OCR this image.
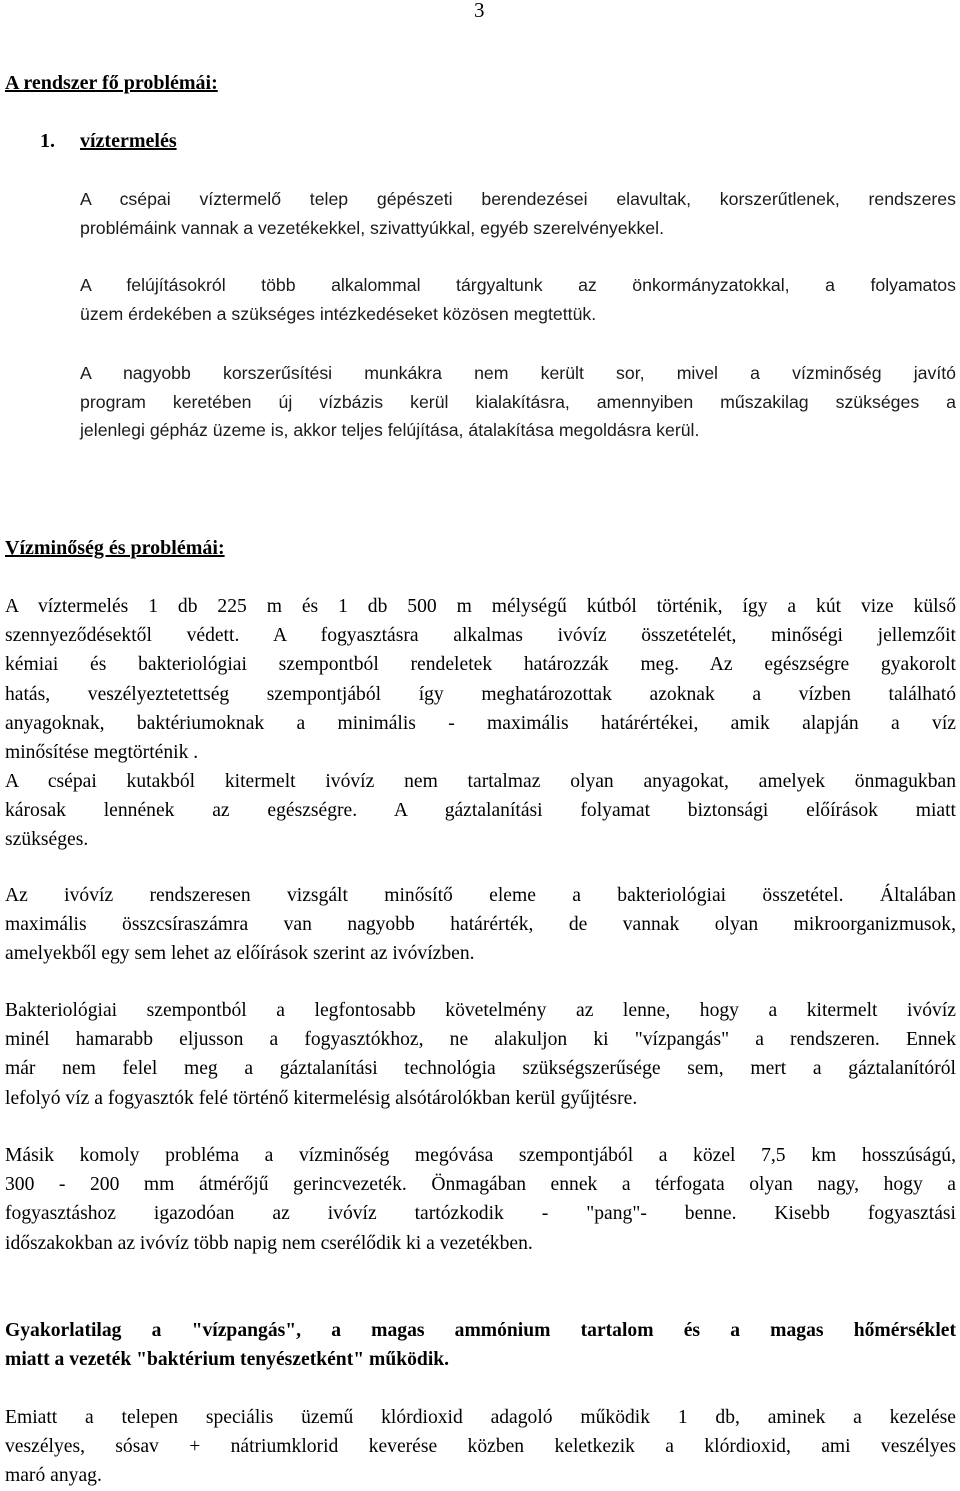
3
A rendszer fő problémái:
1. víztermelés
A csépai víztermelő telep gépészeti berendezései elavultak, korszerűtlenek, rendszeres
problémáink vannak a vezetékekkel, szivattyúkkal, egyéb szerelvényekkel.
A felújításokról több alkalommal tárgyaltunk az önkormányzatokkal, a folyamatos
üzem érdekében a szükséges intézkedéseket közösen megtettük.
A nagyobb korszerűsítési munkákra nem került sor, mivel a vízminőség javító
program keretében új vízbázis kerül kialakításra, amennyiben műszakilag szükséges a
jelenlegi gépház üzeme is, akkor teljes felújítása, átalakítása megoldásra kerül.
Vízminőség és problémái:
A víztermelés 1 db 225 m és 1 db 500 m mélységű kútból történik, így a kút vize külső
szennyeződésektől védett. A fogyasztásra alkalmas ivóvíz összetételét, minőségi jellemzőit
kémiai és bakteriológiai szempontból rendeletek határozzák meg. Az egészségre gyakorolt
hatás, veszélyeztetettség szempontjából így meghatározottak azoknak a vízben található
anyagoknak, baktériumoknak a minimális - maximális határértékei, amik alapján a víz
minősítése megtörténik .
A csépai kutakból kitermelt ivóvíz nem tartalmaz olyan anyagokat, amelyek önmagukban
károsak lennének az egészségre. A gáztalanítási folyamat biztonsági előírások miatt
szükséges.
Az ivóvíz rendszeresen vizsgált minősítő eleme a bakteriológiai összetétel. Általában
maximális összcsíraszámra van nagyobb határérték, de vannak olyan mikroorganizmusok,
amelyekből egy sem lehet az előírások szerint az ivóvízben.
Bakteriológiai szempontból a legfontosabb követelmény az lenne, hogy a kitermelt ivóvíz
minél hamarabb eljusson a fogyasztókhoz, ne alakuljon ki "vízpangás" a rendszeren. Ennek
már nem felel meg a gáztalanítási technológia szükségszerűsége sem, mert a gáztalanítóról
lefolyó víz a fogyasztók felé történő kitermelésig alsótárolókban kerül gyűjtésre.
Másik komoly probléma a vízminőség megóvása szempontjából a közel 7,5 km hosszúságú,
300 - 200 mm átmérőjű gerincvezeték. Önmagában ennek a térfogata olyan nagy, hogy a
fogyasztáshoz igazodóan az ivóvíz tartózkodik - "pang"- benne. Kisebb fogyasztási
időszakokban az ivóvíz több napig nem cserélődik ki a vezetékben.
Gyakorlatilag a "vízpangás", a magas ammónium tartalom és a magas hőmérséklet
miatt a vezeték "baktérium tenyészetként" működik.
Emiatt a telepen speciális üzemű klórdioxid adagoló működik 1 db, aminek a kezelése
veszélyes, sósav + nátriumklorid keverése közben keletkezik a klórdioxid, ami veszélyes
maró anyag.
